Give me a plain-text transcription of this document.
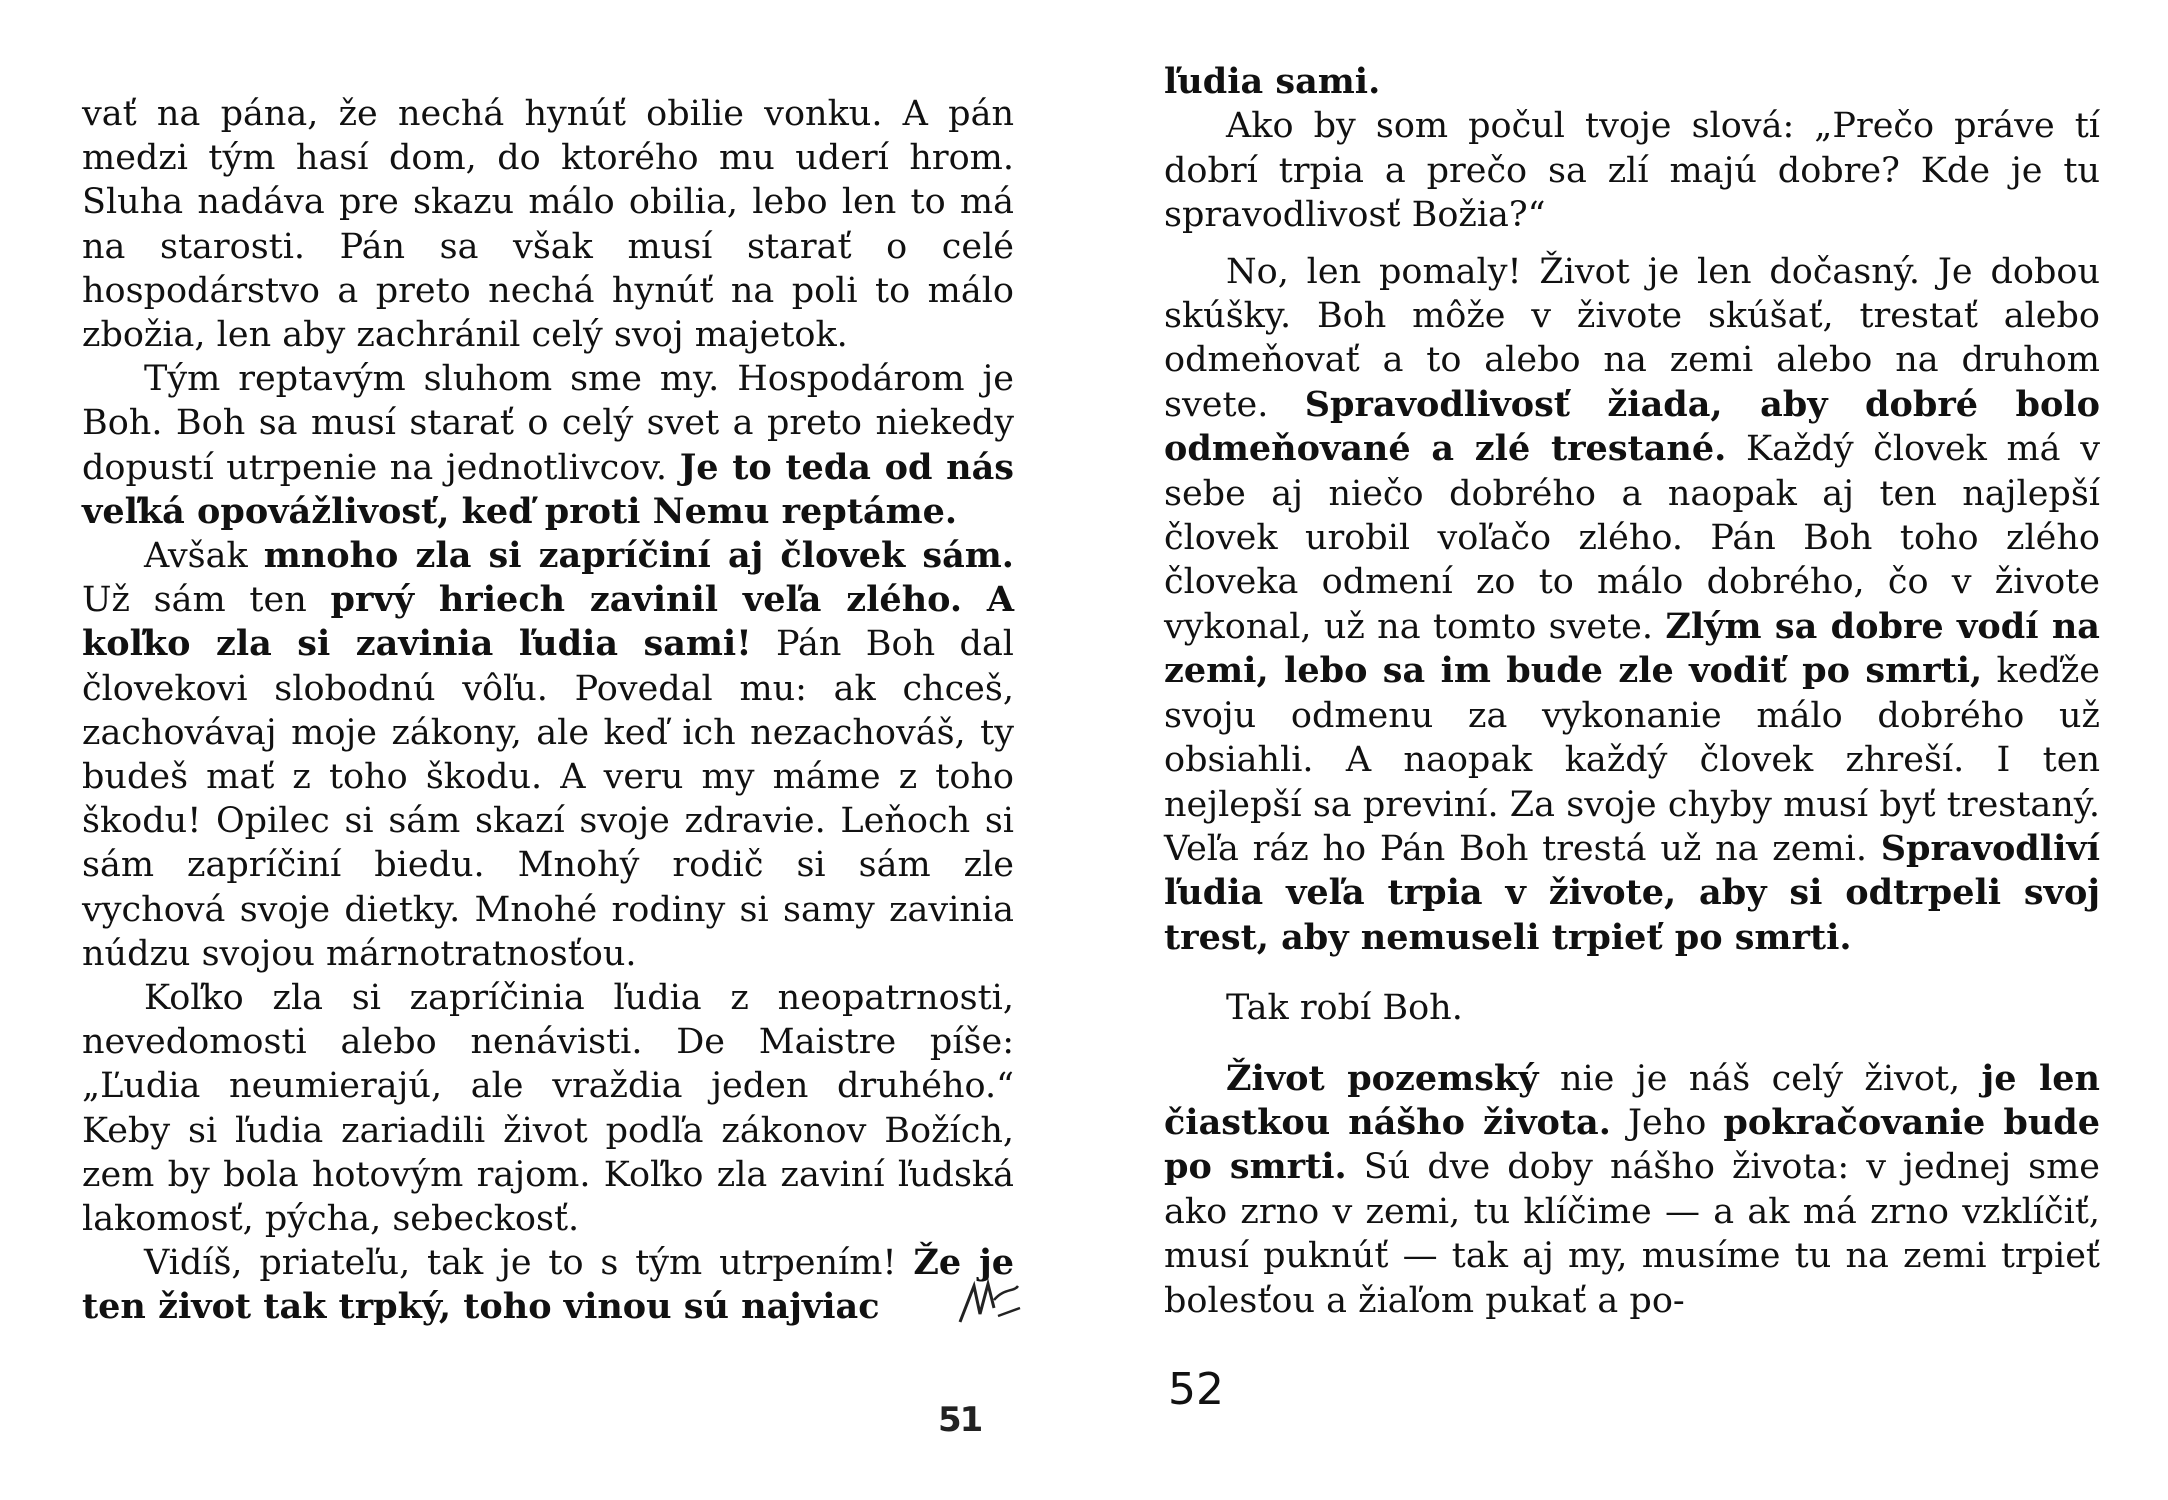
vať na pána, že nechá hynúť obilie vonku. A pán medzi tým hasí dom, do ktorého mu uderí hrom. Sluha nadáva pre skazu málo obilia, lebo len to má na starosti. Pán sa však musí starať o celé hospodárstvo a preto nechá hynúť na poli to málo zbožia, len aby zachránil celý svoj majetok.

Tým reptavým sluhom sme my. Hospodárom je Boh. Boh sa musí starať o celý svet a preto niekedy dopustí utrpenie na jednotlivcov. Je to teda od nás veľká opovážlivosť, keď proti Nemu reptáme.

Avšak mnoho zla si zapríčiní aj človek sám. Už sám ten prvý hriech zavinil veľa zlého. A koľko zla si zavinia ľudia sami! Pán Boh dal človekovi slobodnú vôľu. Povedal mu: ak chceš, zachovávaj moje zákony, ale keď ich nezachováš, ty budeš mať z toho škodu. A veru my máme z toho škodu! Opilec si sám skazí svoje zdravie. Leňoch si sám zapríčiní biedu. Mnohý rodič si sám zle vychová svoje dietky. Mnohé rodiny si samy zavinia núdzu svojou márnotratnosťou.

Koľko zla si zapríčinia ľudia z neopatrnosti, nevedomosti alebo nenávisti. De Maistre píše: „Ľudia neumierajú, ale vraždia jeden druhého.“ Keby si ľudia zariadili život podľa zákonov Božích, zem by bola hotovým rajom. Koľko zla zaviní ľudská lakomosť, pýcha, sebeckosť.

Vidíš, priateľu, tak je to s tým utrpením! Že je ten život tak trpký, toho vinou sú najviac

51

ľudia sami.

Ako by som počul tvoje slová: „Prečo práve tí dobrí trpia a prečo sa zlí majú dobre? Kde je tu spravodlivosť Božia?“

No, len pomaly! Život je len dočasný. Je dobou skúšky. Boh môže v živote skúšať, trestať alebo odmeňovať a to alebo na zemi alebo na druhom svete. Spravodlivosť žiada, aby dobré bolo odmeňované a zlé trestané. Každý človek má v sebe aj niečo dobrého a naopak aj ten najlepší človek urobil voľačo zlého. Pán Boh toho zlého človeka odmení zo to málo dobrého, čo v živote vykonal, už na tomto svete. Zlým sa dobre vodí na zemi, lebo sa im bude zle vodiť po smrti, keďže svoju odmenu za vykonanie málo dobrého už obsiahli. A naopak každý človek zhreší. I ten nejlepší sa previní. Za svoje chyby musí byť trestaný. Veľa ráz ho Pán Boh trestá už na zemi. Spravodliví ľudia veľa trpia v živote, aby si odtrpeli svoj trest, aby nemuseli trpieť po smrti.

Tak robí Boh.

Život pozemský nie je náš celý život, je len čiastkou nášho života. Jeho pokračovanie bude po smrti. Sú dve doby nášho života: v jednej sme ako zrno v zemi, tu klíčime — a ak má zrno vzklíčiť, musí puknúť — tak aj my, musíme tu na zemi trpieť bolesťou a žiaľom pukať a po-

52
